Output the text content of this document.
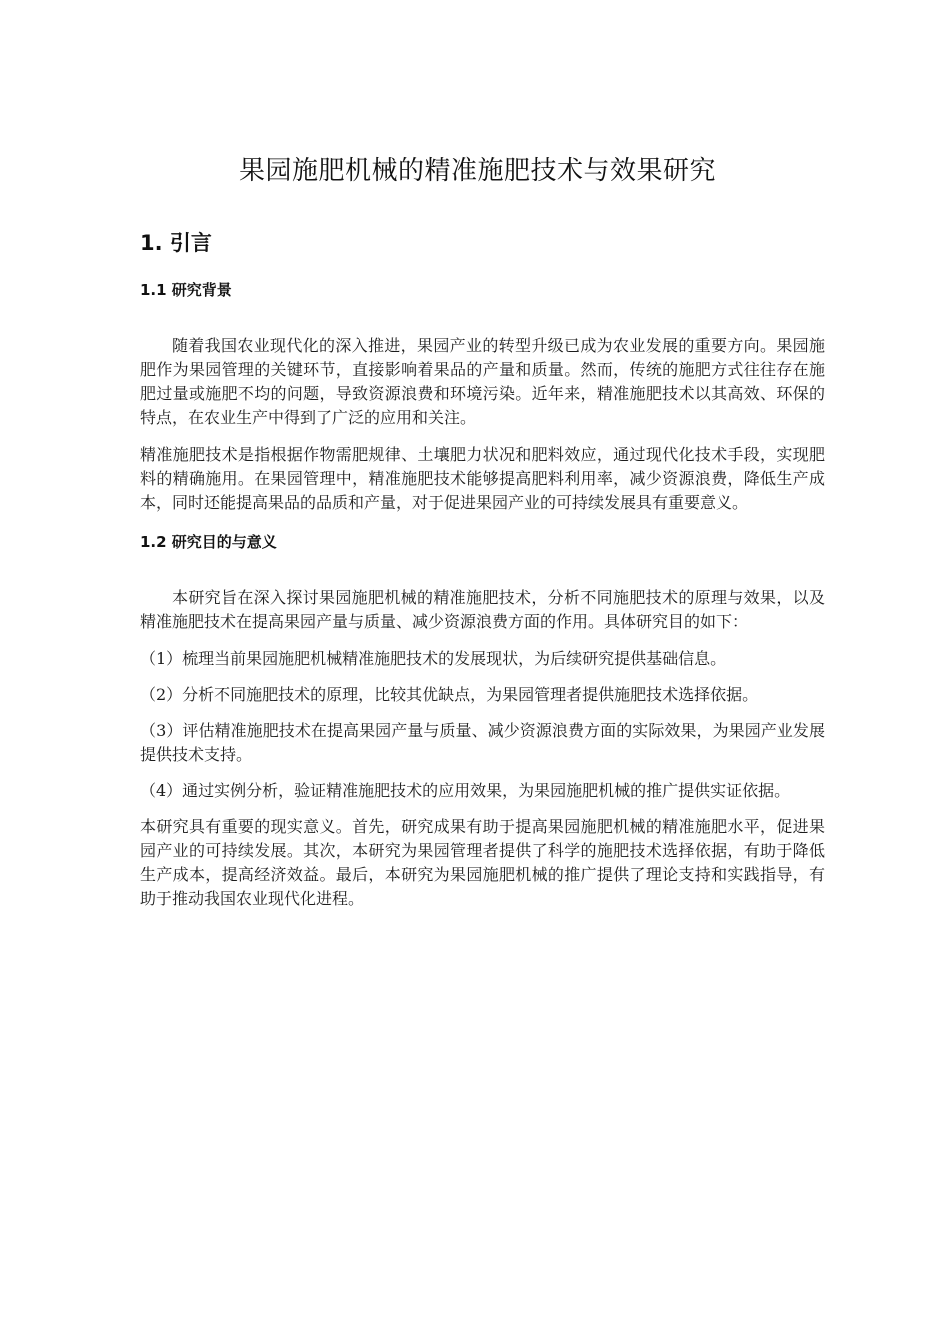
果园施肥机械的精准施肥技术与效果研究
1. 引言
1.1 研究背景

随着我国农业现代化的深入推进，果园产业的转型升级已成为农业发展的重要方向。果园施肥作为果园管理的关键环节，直接影响着果品的产量和质量。然而，传统的施肥方式往往存在施肥过量或施肥不均的问题，导致资源浪费和环境污染。近年来，精准施肥技术以其高效、环保的特点，在农业生产中得到了广泛的应用和关注。

精准施肥技术是指根据作物需肥规律、土壤肥力状况和肥料效应，通过现代化技术手段，实现肥料的精确施用。在果园管理中，精准施肥技术能够提高肥料利用率，减少资源浪费，降低生产成本，同时还能提高果品的品质和产量，对于促进果园产业的可持续发展具有重要意义。

1.2 研究目的与意义

本研究旨在深入探讨果园施肥机械的精准施肥技术，分析不同施肥技术的原理与效果，以及精准施肥技术在提高果园产量与质量、减少资源浪费方面的作用。具体研究目的如下：

（1）梳理当前果园施肥机械精准施肥技术的发展现状，为后续研究提供基础信息。

（2）分析不同施肥技术的原理，比较其优缺点，为果园管理者提供施肥技术选择依据。

（3）评估精准施肥技术在提高果园产量与质量、减少资源浪费方面的实际效果，为果园产业发展提供技术支持。

（4）通过实例分析，验证精准施肥技术的应用效果，为果园施肥机械的推广提供实证依据。

本研究具有重要的现实意义。首先，研究成果有助于提高果园施肥机械的精准施肥水平，促进果园产业的可持续发展。其次，本研究为果园管理者提供了科学的施肥技术选择依据，有助于降低生产成本，提高经济效益。最后，本研究为果园施肥机械的推广提供了理论支持和实践指导，有助于推动我国农业现代化进程。
